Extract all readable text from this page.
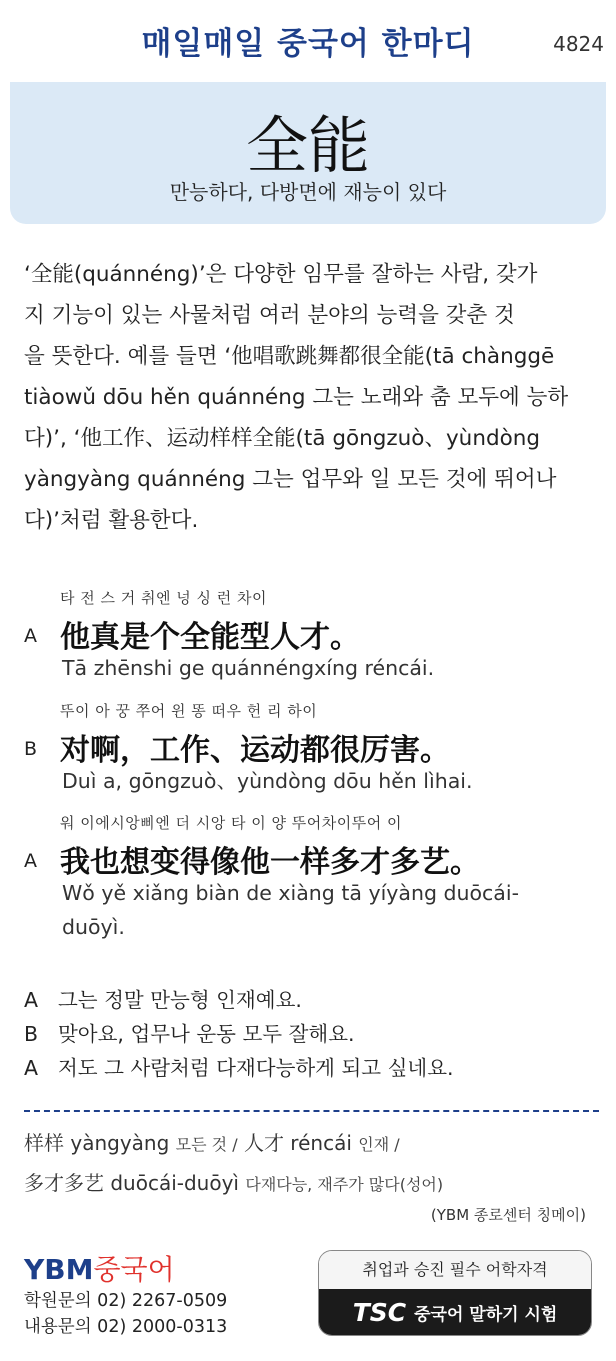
매일매일 중국어 한마디	4824
全能
만능하다, 다방면에 재능이 있다
‘全能(quánnéng)’은 다양한 임무를 잘하는 사람, 갖가
지 기능이 있는 사물처럼 여러 분야의 능력을 갖춘 것
을 뜻한다. 예를 들면 ‘他唱歌跳舞都很全能(tā chànggē
tiàowǔ dōu hěn quánnéng 그는 노래와 춤 모두에 능하
다)’, ‘他工作、运动样样全能(tā gōngzuò、yùndòng
yàngyàng quánnéng 그는 업무와 일 모든 것에 뛰어나
다)’처럼 활용한다.
타 전 스 거 취엔 넝 싱 런 차이
A 他真是个全能型人才。
Tā zhēnshi ge quánnéngxíng réncái.
뚜이 아 꿍 쭈어 윈 똥 떠우 헌 리 하이
B 对啊，工作、运动都很厉害。
Duì a, gōngzuò、yùndòng dōu hěn lìhai.
워 이에시앙삐엔 더 시앙 타 이 양 뚜어차이뚜어 이
A 我也想变得像他一样多才多艺。
Wǒ yě xiǎng biàn de xiàng tā yíyàng duōcái-duōyì.
A 그는 정말 만능형 인재예요.
B 맞아요, 업무나 운동 모두 잘해요.
A 저도 그 사람처럼 다재다능하게 되고 싶네요.
样样 yàngyàng 모든 것 / 人才 réncái 인재 /
多才多艺 duōcái-duōyì 다재다능, 재주가 많다(성어)
(YBM 종로센터 칭메이)
YBM중국어
학원문의 02) 2267-0509
내용문의 02) 2000-0313
취업과 승진 필수 어학자격
TSC 중국어 말하기 시험
